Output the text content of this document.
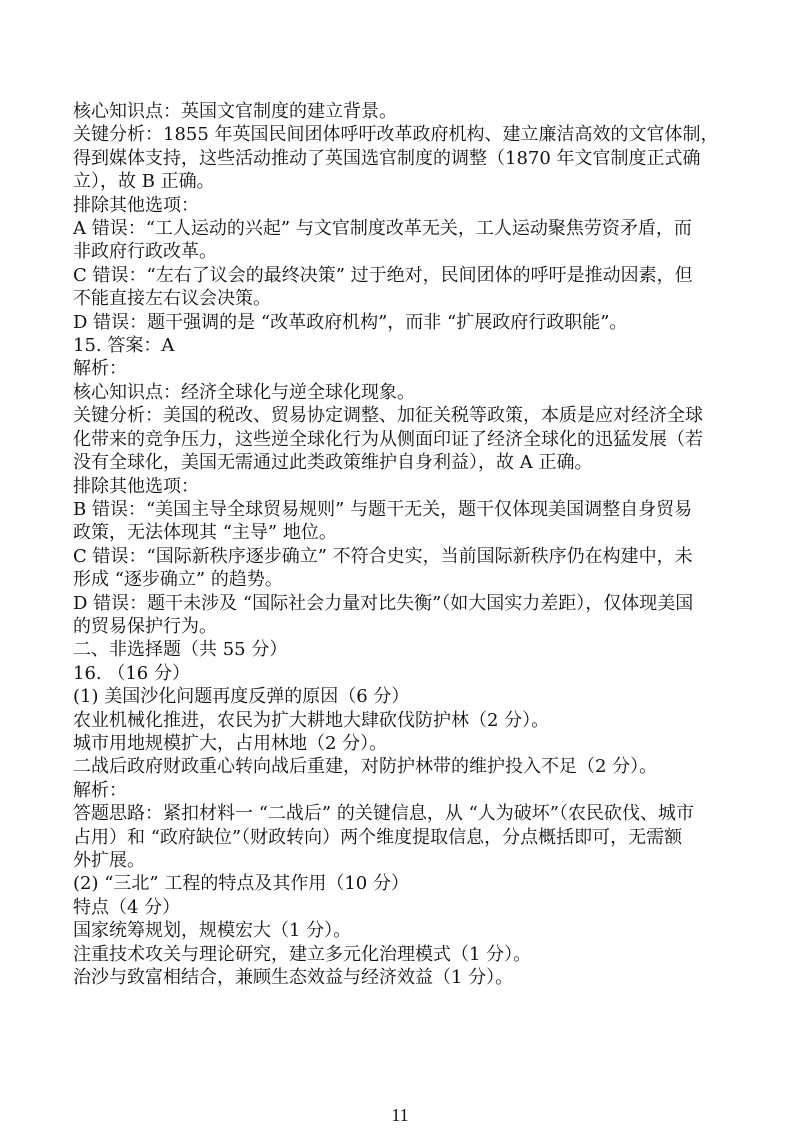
核心知识点：英国文官制度的建立背景。
关键分析：1855 年英国民间团体呼吁改革政府机构、建立廉洁高效的文官体制，
得到媒体支持，这些活动推动了英国选官制度的调整（1870 年文官制度正式确
立），故 B 正确。
排除其他选项：
A 错误：“工人运动的兴起” 与文官制度改革无关，工人运动聚焦劳资矛盾，而
非政府行政改革。
C 错误：“左右了议会的最终决策” 过于绝对，民间团体的呼吁是推动因素，但
不能直接左右议会决策。
D 错误：题干强调的是 “改革政府机构”，而非 “扩展政府行政职能”。
15. 答案：A
解析：
核心知识点：经济全球化与逆全球化现象。
关键分析：美国的税改、贸易协定调整、加征关税等政策，本质是应对经济全球
化带来的竞争压力，这些逆全球化行为从侧面印证了经济全球化的迅猛发展（若
没有全球化，美国无需通过此类政策维护自身利益），故 A 正确。
排除其他选项：
B 错误：“美国主导全球贸易规则” 与题干无关，题干仅体现美国调整自身贸易
政策，无法体现其 “主导” 地位。
C 错误：“国际新秩序逐步确立” 不符合史实，当前国际新秩序仍在构建中，未
形成 “逐步确立” 的趋势。
D 错误：题干未涉及 “国际社会力量对比失衡”（如大国实力差距），仅体现美国
的贸易保护行为。
二、非选择题（共 55 分）
16. （16 分）
(1) 美国沙化问题再度反弹的原因（6 分）
农业机械化推进，农民为扩大耕地大肆砍伐防护林（2 分）。
城市用地规模扩大，占用林地（2 分）。
二战后政府财政重心转向战后重建，对防护林带的维护投入不足（2 分）。
解析：
答题思路：紧扣材料一 “二战后” 的关键信息，从 “人为破坏”（农民砍伐、城市
占用）和 “政府缺位”（财政转向）两个维度提取信息，分点概括即可，无需额
外扩展。
(2) “三北” 工程的特点及其作用（10 分）
特点（4 分）
国家统筹规划，规模宏大（1 分）。
注重技术攻关与理论研究，建立多元化治理模式（1 分）。
治沙与致富相结合，兼顾生态效益与经济效益（1 分）。
11
